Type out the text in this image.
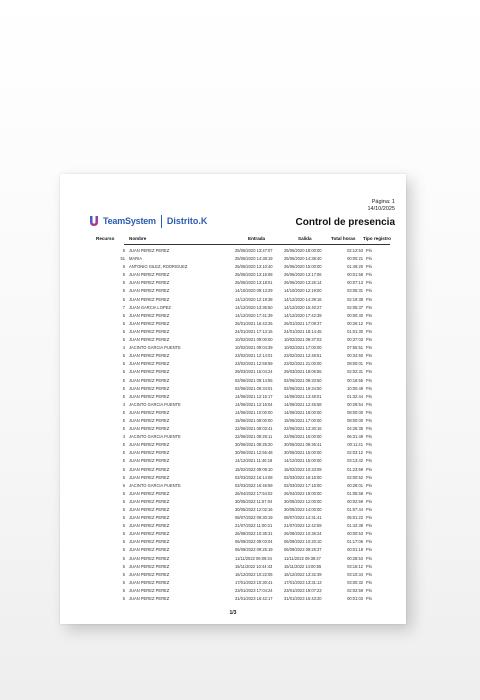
Página: 1
14/10/2025
TeamSystem Distrito.K	Control de presencia
Recurso	Nombre	Entrada	Salida	Total horas Tipo registro
5 JUAN PEREZ PEREZ	25/06/2020 13:47:07	25/06/2020 18:00:00	02:12:53 Pin
51 MARIA	25/06/2020 14:38:19	25/06/2020 14:38:40	00:00:21 Pin
6 ANTONIO GILEZ, RODRIGUEZ	26/06/2020 13:10:40	26/06/2020 15:00:00	01:49:20 Pin
5 JUAN PEREZ PEREZ	26/06/2020 13:15:08	26/06/2020 13:17:06	00:01:58 Pin
5 JUAN PEREZ PEREZ	26/06/2020 13:18:01	26/06/2020 13:25:14	00:07:13 Pin
5 JUAN PEREZ PEREZ	14/10/2020 09:13:29	14/10/2020 12:19:00	03:05:31 Pin
5 JUAN PEREZ PEREZ	14/12/2020 12:19:38	14/12/2020 14:39:16	02:19:38 Pin
7 JUAN GARCIA LOPEZ	14/12/2020 13:35:50	14/12/2020 15:40:27	02:05:37 Pin
5 JUAN PEREZ PEREZ	14/12/2020 17:41:39	14/12/2020 17:42:39	00:00:40 Pin
5 JUAN PEREZ PEREZ	26/01/2021 16:43:25	26/01/2021 17:09:37	00:26:12 Pin
5 JUAN PEREZ PEREZ	24/01/2021 17:13:15	24/01/2021 18:14:45	01:01:30 Pin
5 JUAN PEREZ PEREZ	10/02/2021 09:00:00	10/02/2021 09:37:03	00:37:03 Pin
4 JACINTO GARCIA PUENTE	10/02/2021 09:04:39	10/02/2021 17:00:00	07:55:51 Pin
5 JUAN PEREZ PEREZ	23/02/2021 12:14:01	23/02/2021 12:48:51	00:34:50 Pin
5 JUAN PEREZ PEREZ	23/02/2021 12:59:59	23/02/2021 21:00:00	08:00:01 Pin
5 JUAN PEREZ PEREZ	29/03/2021 16:04:24	29/03/2021 18:06:55	02:02:31 Pin
5 JUAN PEREZ PEREZ	02/06/2021 09:14:55	02/06/2021 09:33:50	00:18:55 Pin
5 JUAN PEREZ PEREZ	02/06/2021 09:34:01	02/06/2021 19:34:50	10:00:49 Pin
5 JUAN PEREZ PEREZ	14/06/2021 12:15:17	14/06/2021 13:48:01	01:32:44 Pin
4 JACINTO GARCIA PUENTE	14/06/2021 12:16:04	14/06/2021 12:45:58	00:29:54 Pin
5 JUAN PEREZ PEREZ	14/06/2021 10:00:00	14/06/2021 18:00:00	08:00:00 Pin
5 JUAN PEREZ PEREZ	15/06/2021 09:00:00	15/06/2021 17:00:00	08:00:00 Pin
5 JUAN PEREZ PEREZ	22/06/2021 09:03:41	22/06/2021 13:30:16	04:26:35 Pin
4 JACINTO GARCIA PUENTE	22/06/2021 09:28:11	22/06/2021 16:00:00	06:31:49 Pin
5 JUAN PEREZ PEREZ	30/06/2021 09:25:20	30/06/2021 09:36:41	00:11:41 Pin
5 JUAN PEREZ PEREZ	30/06/2021 12:56:48	30/06/2021 15:00:00	02:03:12 Pin
5 JUAN PEREZ PEREZ	14/12/2021 11:46:18	14/12/2021 15:00:00	03:13:42 Pin
5 JUAN PEREZ PEREZ	15/02/2022 09:09:10	15/02/2022 10:33:09	01:23:59 Pin
5 JUAN PEREZ PEREZ	02/03/2022 16:14:08	02/03/2022 18:15:00	02:00:52 Pin
6 JACINTO GARCIA PUENTE	02/03/2022 16:46:59	02/03/2022 17:15:00	00:28:01 Pin
5 JUAN PEREZ PEREZ	26/04/2022 17:54:02	26/04/2022 19:00:00	01:05:58 Pin
5 JUAN PEREZ PEREZ	30/05/2022 11:57:04	30/05/2022 12:00:00	00:02:59 Pin
5 JUAN PEREZ PEREZ	30/05/2022 12:02:16	30/05/2022 14:00:00	01:57:44 Pin
5 JUAN PEREZ PEREZ	08/07/2022 09:30:19	08/07/2022 14:31:41	05:01:22 Pin
5 JUAN PEREZ PEREZ	21/07/2022 11:00:21	21/07/2022 12:42:59	01:42:38 Pin
5 JUAN PEREZ PEREZ	26/08/2022 10:35:31	26/08/2022 10:36:24	00:00:53 Pin
5 JUAN PEREZ PEREZ	06/09/2022 09:03:04	06/09/2022 10:20:10	01:17:06 Pin
5 JUAN PEREZ PEREZ	06/09/2022 09:25:19	06/09/2022 09:26:37	00:01:18 Pin
5 JUAN PEREZ PEREZ	11/11/2022 09:09:34	11/11/2022 09:38:47	00:28:53 Pin
5 JUAN PEREZ PEREZ	15/11/2022 10:44:43	15/11/2022 14:00:55	03:16:12 Pin
5 JUAN PEREZ PEREZ	16/12/2022 10:22:05	16/12/2022 13:32:39	03:10:34 Pin
5 JUAN PEREZ PEREZ	17/01/2023 10:30:41	17/01/2023 13:31:13	03:00:32 Pin
5 JUAN PEREZ PEREZ	23/01/2023 17:04:24	23/01/2023 19:07:23	02:02:59 Pin
5 JUAN PEREZ PEREZ	31/01/2023 16:42:17	31/01/2023 16:43:20	00:01:03 Pin
1/3
